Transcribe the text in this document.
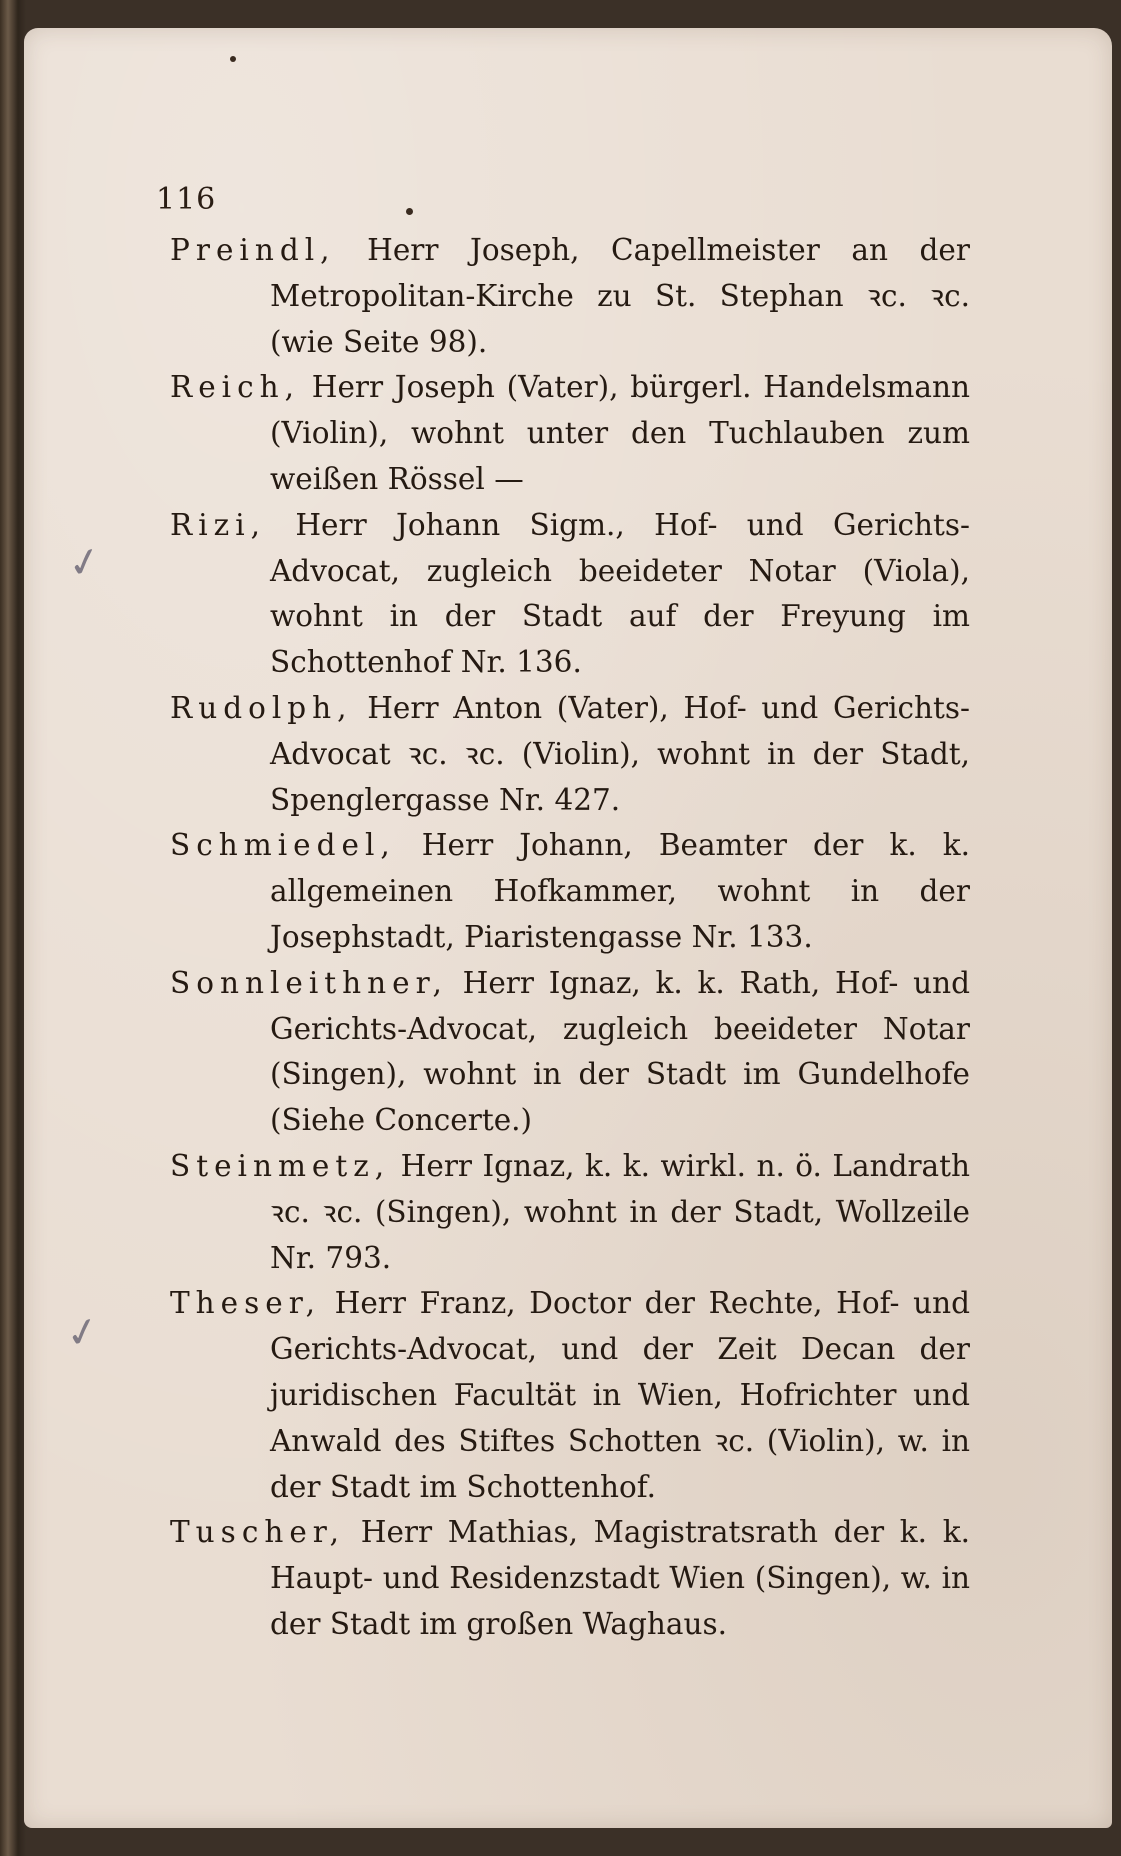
116
✓
✓

Preindl, Herr Joseph, Capellmeister an der Metropolitan-Kirche zu St. Stephan ꝛc. ꝛc. (wie Seite 98).

Reich, Herr Joseph (Vater), bürgerl. Handelsmann (Violin), wohnt unter den Tuchlauben zum weißen Rössel —

Rizi, Herr Johann Sigm., Hof- und Gerichts-Advocat, zugleich beeideter Notar (Viola), wohnt in der Stadt auf der Freyung im Schottenhof Nr. 136.

Rudolph, Herr Anton (Vater), Hof- und Gerichts-Advocat ꝛc. ꝛc. (Violin), wohnt in der Stadt, Spenglergasse Nr. 427.

Schmiedel, Herr Johann, Beamter der k. k. allgemeinen Hofkammer, wohnt in der Josephstadt, Piaristengasse Nr. 133.

Sonnleithner, Herr Ignaz, k. k. Rath, Hof- und Gerichts-Advocat, zugleich beeideter Notar (Singen), wohnt in der Stadt im Gundelhofe (Siehe Concerte.)

Steinmetz, Herr Ignaz, k. k. wirkl. n. ö. Landrath ꝛc. ꝛc. (Singen), wohnt in der Stadt, Wollzeile Nr. 793.

Theser, Herr Franz, Doctor der Rechte, Hof- und Gerichts-Advocat, und der Zeit Decan der juridischen Facultät in Wien, Hofrichter und Anwald des Stiftes Schotten ꝛc. (Violin), w. in der Stadt im Schottenhof.

Tuscher, Herr Mathias, Magistratsrath der k. k. Haupt- und Residenzstadt Wien (Singen), w. in der Stadt im großen Waghaus.
